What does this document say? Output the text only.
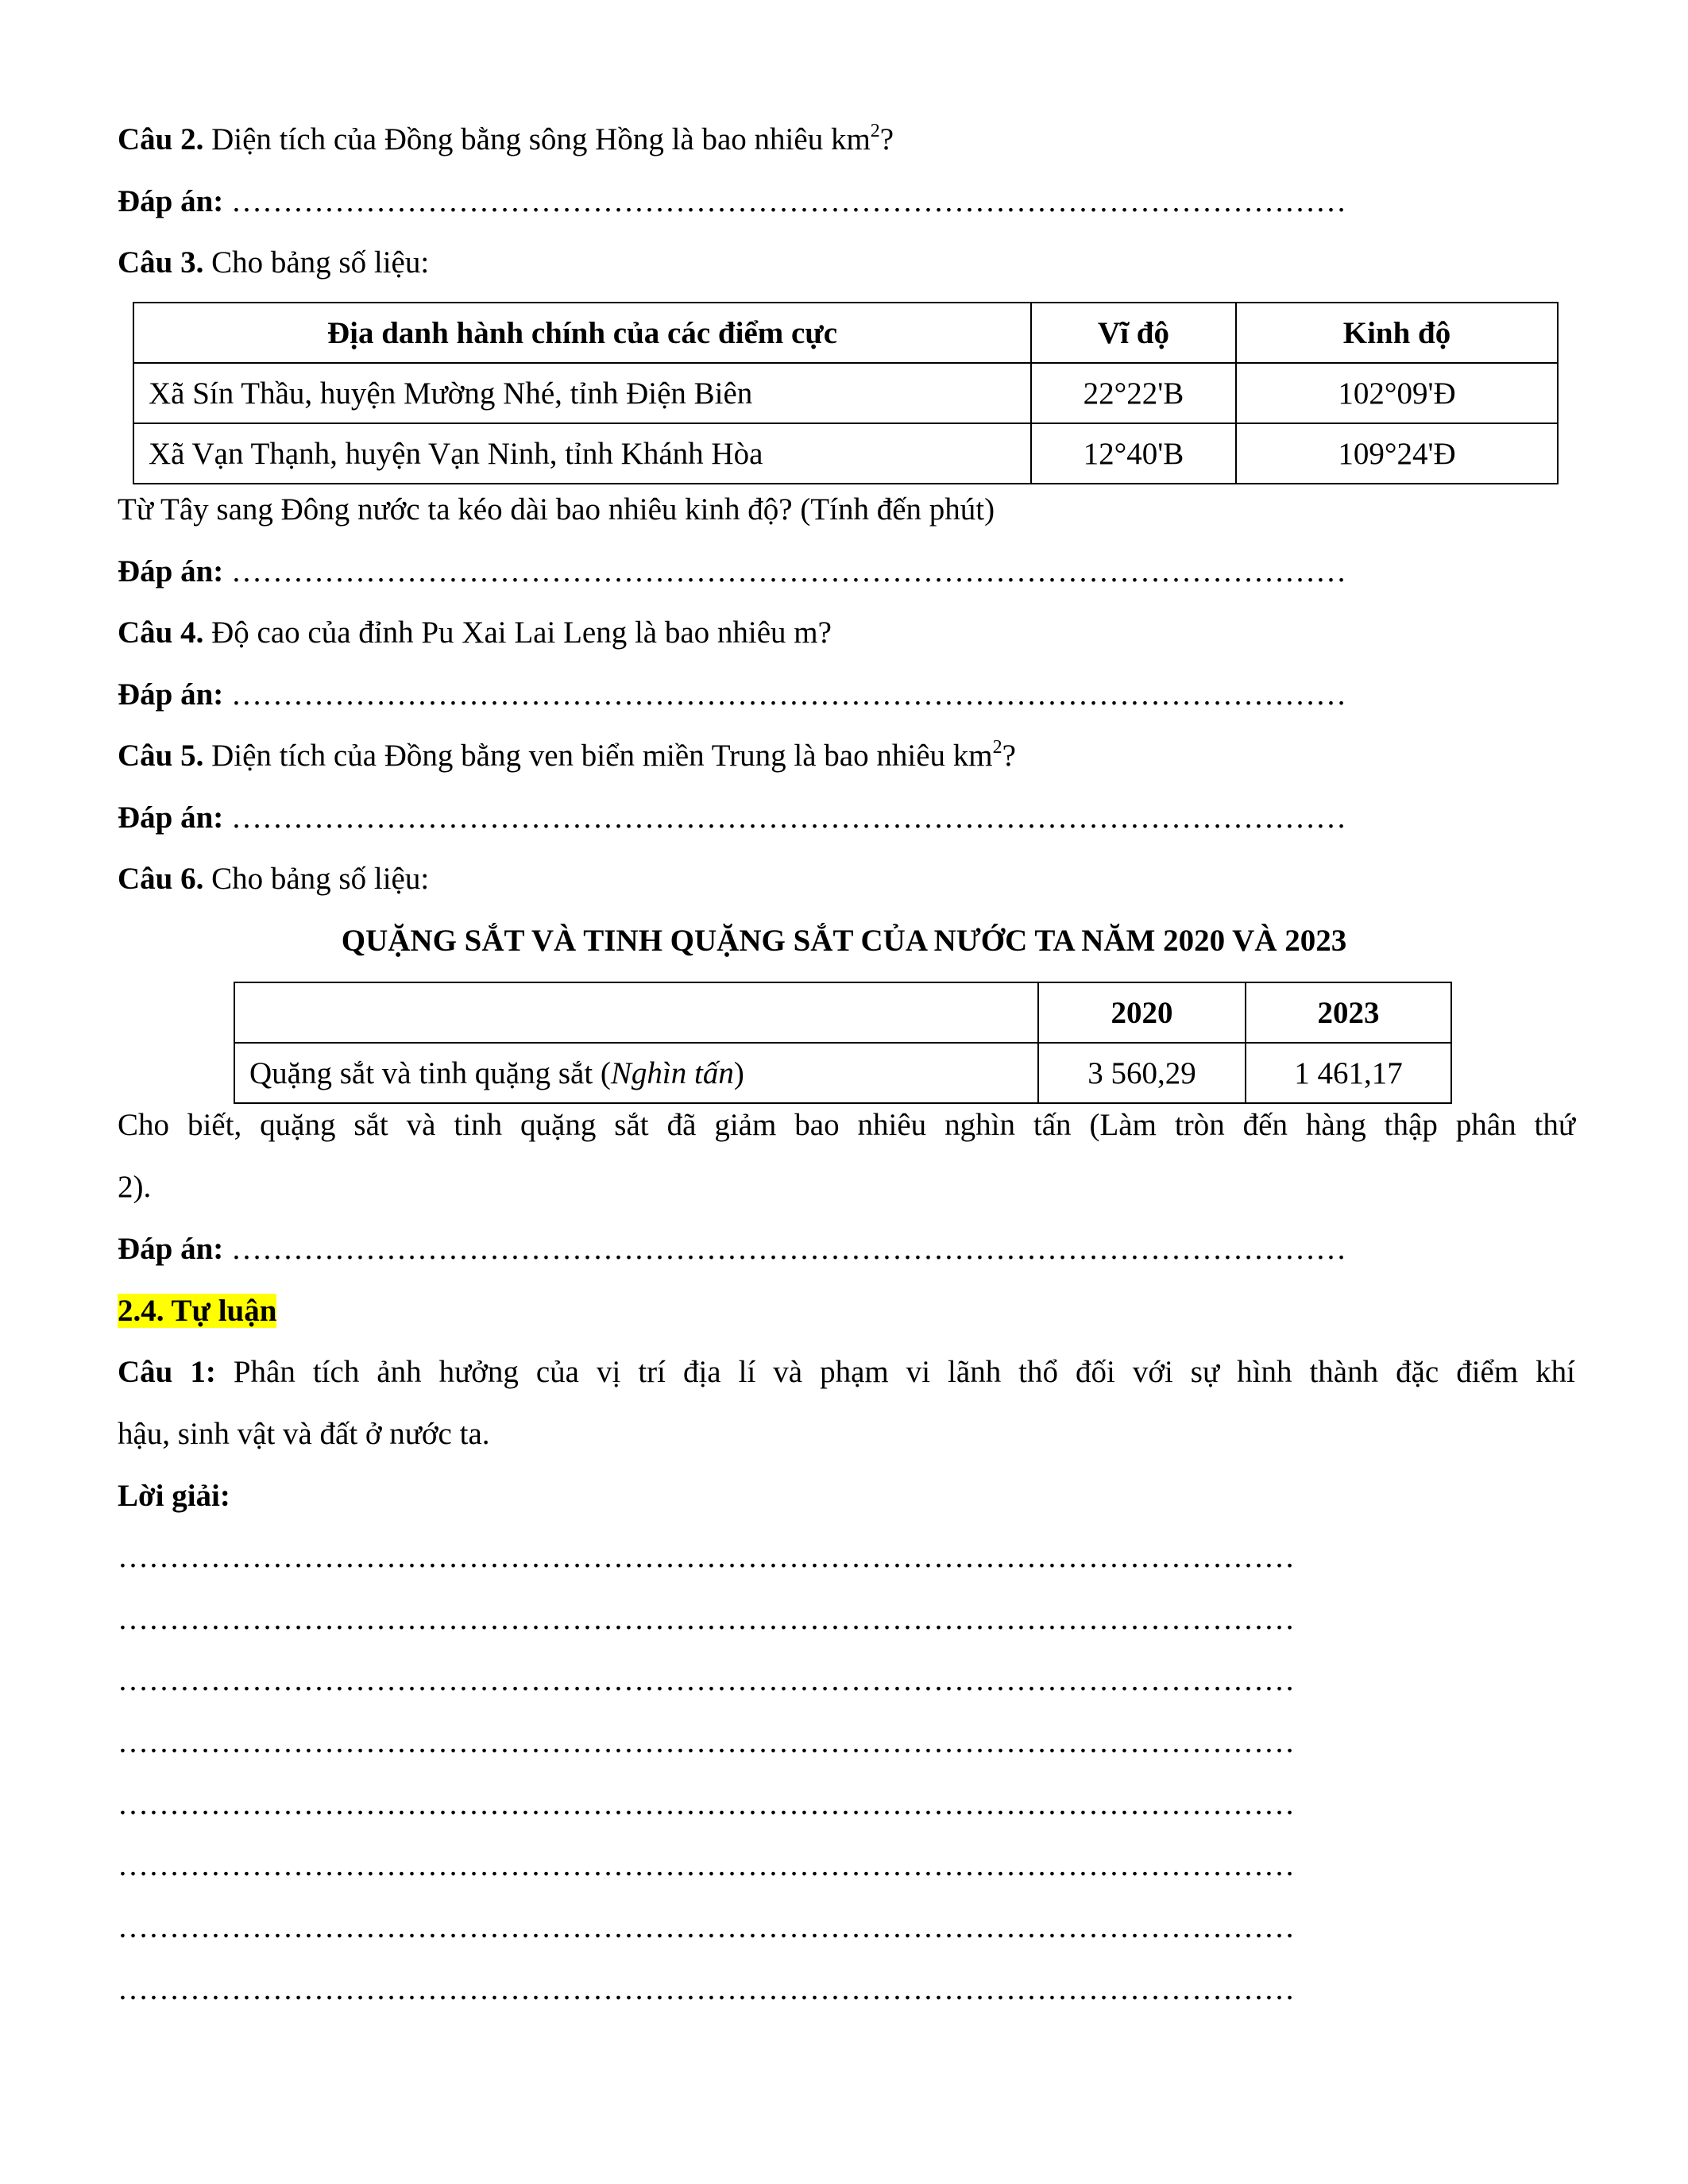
Câu 2. Diện tích của Đồng bằng sông Hồng là bao nhiêu $km^2$?
Đáp án: ………………………………………………………………………………………………
Câu 3. Cho bảng số liệu:
Địa danh hành chính của các điểm cực	Vĩ độ	Kinh độ
Xã Sín Thầu, huyện Mường Nhé, tỉnh Điện Biên	22°22'B	102°09'Đ
Xã Vạn Thạnh, huyện Vạn Ninh, tỉnh Khánh Hòa	12°40'B	109°24'Đ
Từ Tây sang Đông nước ta kéo dài bao nhiêu kinh độ? (Tính đến phút)
Đáp án: ………………………………………………………………………………………………
Câu 4. Độ cao của đỉnh Pu Xai Lai Leng là bao nhiêu m?
Đáp án: ………………………………………………………………………………………………
Câu 5. Diện tích của Đồng bằng ven biển miền Trung là bao nhiêu $km^2$?
Đáp án: ………………………………………………………………………………………………
Câu 6. Cho bảng số liệu:
QUẶNG SẮT VÀ TINH QUẶNG SẮT CỦA NƯỚC TA NĂM 2020 VÀ 2023
	2020	2023
Quặng sắt và tinh quặng sắt (Nghìn tấn)	3 560,29	1 461,17
Cho biết, quặng sắt và tinh quặng sắt đã giảm bao nhiêu nghìn tấn (Làm tròn đến hàng thập phân thứ
2).
Đáp án: ………………………………………………………………………………………………
2.4. Tự luận
Câu 1: Phân tích ảnh hưởng của vị trí địa lí và phạm vi lãnh thổ đối với sự hình thành đặc điểm khí
hậu, sinh vật và đất ở nước ta.
Lời giải:
……………………………………………………………………………………………………
……………………………………………………………………………………………………
……………………………………………………………………………………………………
……………………………………………………………………………………………………
……………………………………………………………………………………………………
……………………………………………………………………………………………………
……………………………………………………………………………………………………
……………………………………………………………………………………………………
